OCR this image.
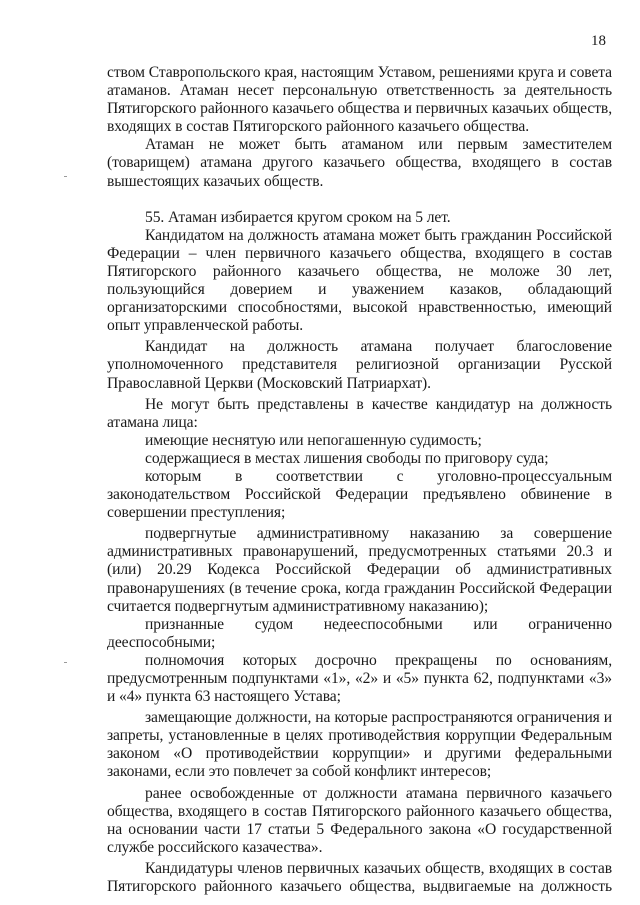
18

ством Ставропольского края, настоящим Уставом, решениями круга и совета атаманов. Атаман несет персональную ответственность за деятельность Пятигорского районного казачьего общества и первичных казачьих обществ, входящих в состав Пятигорского районного казачьего общества.

Атаман не может быть атаманом или первым заместителем (товарищем) атамана другого казачьего общества, входящего в состав вышестоящих казачьих обществ.

55. Атаман избирается кругом сроком на 5 лет.

Кандидатом на должность атамана может быть гражданин Российской Федерации – член первичного казачьего общества, входящего в состав Пятигорского районного казачьего общества, не моложе 30 лет, пользующийся доверием и уважением казаков, обладающий организаторскими способностями, высокой нравственностью, имеющий опыт управленческой работы.

Кандидат на должность атамана получает благословение уполномоченного представителя религиозной организации Русской Православной Церкви (Московский Патриархат).

Не могут быть представлены в качестве кандидатур на должность атамана лица:

имеющие неснятую или непогашенную судимость;

содержащиеся в местах лишения свободы по приговору суда;

которым в соответствии с уголовно-процессуальным законодательством Российской Федерации предъявлено обвинение в совершении преступления;

подвергнутые административному наказанию за совершение административных правонарушений, предусмотренных статьями 20.3 и (или) 20.29 Кодекса Российской Федерации об административных правонарушениях (в течение срока, когда гражданин Российской Федерации считается подвергнутым административному наказанию);

признанные судом недееспособными или ограниченно дееспособными;

полномочия которых досрочно прекращены по основаниям, предусмотренным подпунктами «1», «2» и «5» пункта 62, подпунктами «3» и «4» пункта 63 настоящего Устава;

замещающие должности, на которые распространяются ограничения и запреты, установленные в целях противодействия коррупции Федеральным законом «О противодействии коррупции» и другими федеральными законами, если это повлечет за собой конфликт интересов;

ранее освобожденные от должности атамана первичного казачьего общества, входящего в состав Пятигорского районного казачьего общества, на основании части 17 статьи 5 Федерального закона «О государственной службе российского казачества».

Кандидатуры членов первичных казачьих обществ, входящих в состав Пятигорского районного казачьего общества, выдвигаемые на должность
